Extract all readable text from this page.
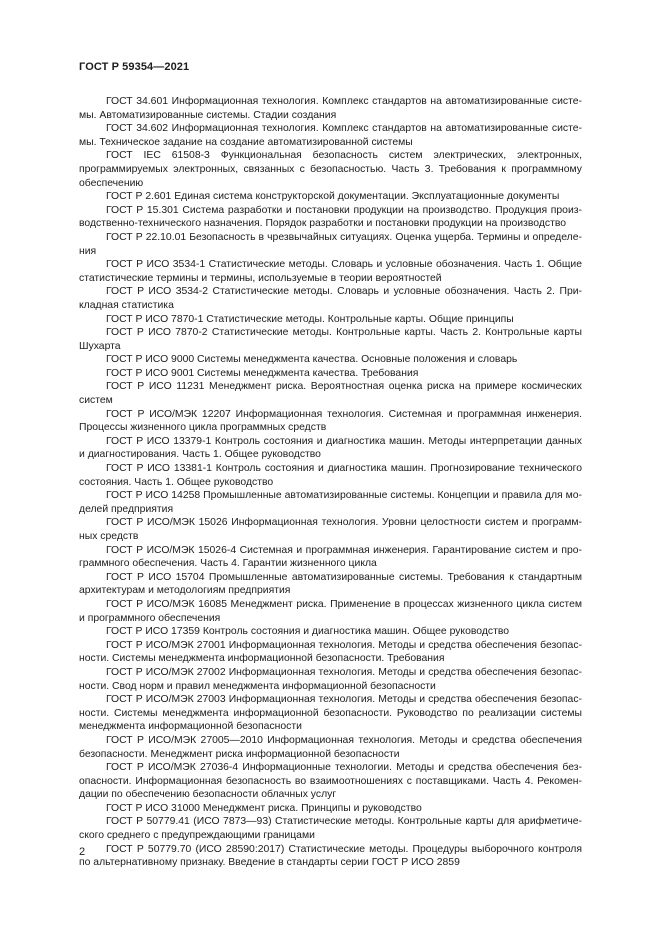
ГОСТ Р 59354—2021

ГОСТ 34.601 Информационная технология. Комплекс стандартов на автоматизированные системы. Автоматизированные системы. Стадии создания

ГОСТ 34.602 Информационная технология. Комплекс стандартов на автоматизированные системы. Техническое задание на создание автоматизированной системы

ГОСТ IEC 61508-3 Функциональная безопасность систем электрических, электронных, программируемых электронных, связанных с безопасностью. Часть 3. Требования к программному обеспечению

ГОСТ Р 2.601 Единая система конструкторской документации. Эксплуатационные документы

ГОСТ Р 15.301 Система разработки и постановки продукции на производство. Продукция производственно-технического назначения. Порядок разработки и постановки продукции на производство

ГОСТ Р 22.10.01 Безопасность в чрезвычайных ситуациях. Оценка ущерба. Термины и определения

ГОСТ Р ИСО 3534-1 Статистические методы. Словарь и условные обозначения. Часть 1. Общие статистические термины и термины, используемые в теории вероятностей

ГОСТ Р ИСО 3534-2 Статистические методы. Словарь и условные обозначения. Часть 2. Прикладная статистика

ГОСТ Р ИСО 7870-1 Статистические методы. Контрольные карты. Общие принципы

ГОСТ Р ИСО 7870-2 Статистические методы. Контрольные карты. Часть 2. Контрольные карты Шухарта

ГОСТ Р ИСО 9000 Системы менеджмента качества. Основные положения и словарь

ГОСТ Р ИСО 9001 Системы менеджмента качества. Требования

ГОСТ Р ИСО 11231 Менеджмент риска. Вероятностная оценка риска на примере космических систем

ГОСТ Р ИСО/МЭК 12207 Информационная технология. Системная и программная инженерия. Процессы жизненного цикла программных средств

ГОСТ Р ИСО 13379-1 Контроль состояния и диагностика машин. Методы интерпретации данных и диагностирования. Часть 1. Общее руководство

ГОСТ Р ИСО 13381-1 Контроль состояния и диагностика машин. Прогнозирование технического состояния. Часть 1. Общее руководство

ГОСТ Р ИСО 14258 Промышленные автоматизированные системы. Концепции и правила для моделей предприятия

ГОСТ Р ИСО/МЭК 15026 Информационная технология. Уровни целостности систем и программных средств

ГОСТ Р ИСО/МЭК 15026-4 Системная и программная инженерия. Гарантирование систем и программного обеспечения. Часть 4. Гарантии жизненного цикла

ГОСТ Р ИСО 15704 Промышленные автоматизированные системы. Требования к стандартным архитектурам и методологиям предприятия

ГОСТ Р ИСО/МЭК 16085 Менеджмент риска. Применение в процессах жизненного цикла систем и программного обеспечения

ГОСТ Р ИСО 17359 Контроль состояния и диагностика машин. Общее руководство

ГОСТ Р ИСО/МЭК 27001 Информационная технология. Методы и средства обеспечения безопасности. Системы менеджмента информационной безопасности. Требования

ГОСТ Р ИСО/МЭК 27002 Информационная технология. Методы и средства обеспечения безопасности. Свод норм и правил менеджмента информационной безопасности

ГОСТ Р ИСО/МЭК 27003 Информационная технология. Методы и средства обеспечения безопасности. Системы менеджмента информационной безопасности. Руководство по реализации системы менеджмента информационной безопасности

ГОСТ Р ИСО/МЭК 27005—2010 Информационная технология. Методы и средства обеспечения безопасности. Менеджмент риска информационной безопасности

ГОСТ Р ИСО/МЭК 27036-4 Информационные технологии. Методы и средства обеспечения безопасности. Информационная безопасность во взаимоотношениях с поставщиками. Часть 4. Рекомендации по обеспечению безопасности облачных услуг

ГОСТ Р ИСО 31000 Менеджмент риска. Принципы и руководство

ГОСТ Р 50779.41 (ИСО 7873—93) Статистические методы. Контрольные карты для арифметического среднего с предупреждающими границами

ГОСТ Р 50779.70 (ИСО 28590:2017) Статистические методы. Процедуры выборочного контроля по альтернативному признаку. Введение в стандарты серии ГОСТ Р ИСО 2859

2
